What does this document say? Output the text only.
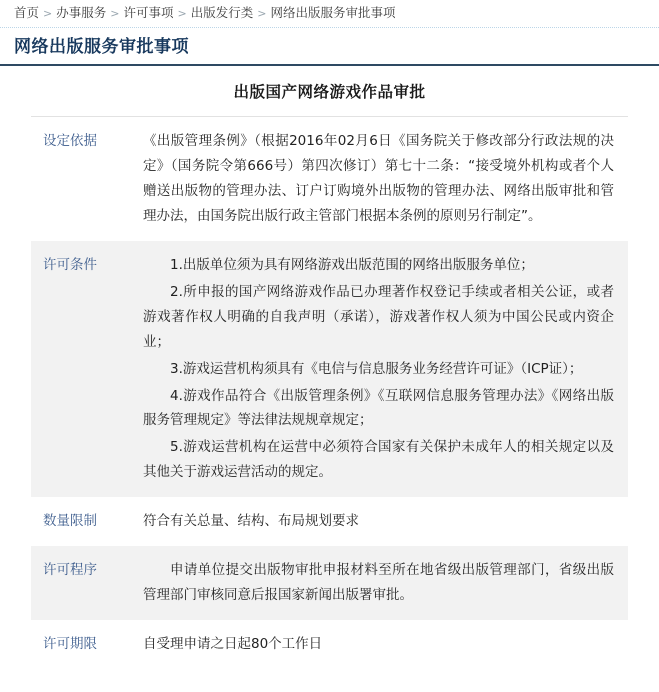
首页 > 办事服务 > 许可事项 > 出版发行类 > 网络出版服务审批事项
网络出版服务审批事项
出版国产网络游戏作品审批
设定依据	《出版管理条例》（根据2016年02月6日《国务院关于修改部分行政法规的决定》（国务院令第666号）第四次修订）第七十二条：“接受境外机构或者个人赠送出版物的管理办法、订户订购境外出版物的管理办法、网络出版审批和管理办法，由国务院出版行政主管部门根据本条例的原则另行制定”。

许可条件	1.出版单位须为具有网络游戏出版范围的网络出版服务单位；

2.所申报的国产网络游戏作品已办理著作权登记手续或者相关公证，或者游戏著作权人明确的自我声明（承诺），游戏著作权人须为中国公民或内资企业；

3.游戏运营机构须具有《电信与信息服务业务经营许可证》（ICP证）；

4.游戏作品符合《出版管理条例》《互联网信息服务管理办法》《网络出版服务管理规定》等法律法规规章规定；

5.游戏运营机构在运营中必须符合国家有关保护未成年人的相关规定以及其他关于游戏运营活动的规定。

数量限制	符合有关总量、结构、布局规划要求

许可程序	申请单位提交出版物审批申报材料至所在地省级出版管理部门，省级出版管理部门审核同意后报国家新闻出版署审批。

许可期限	自受理申请之日起80个工作日
